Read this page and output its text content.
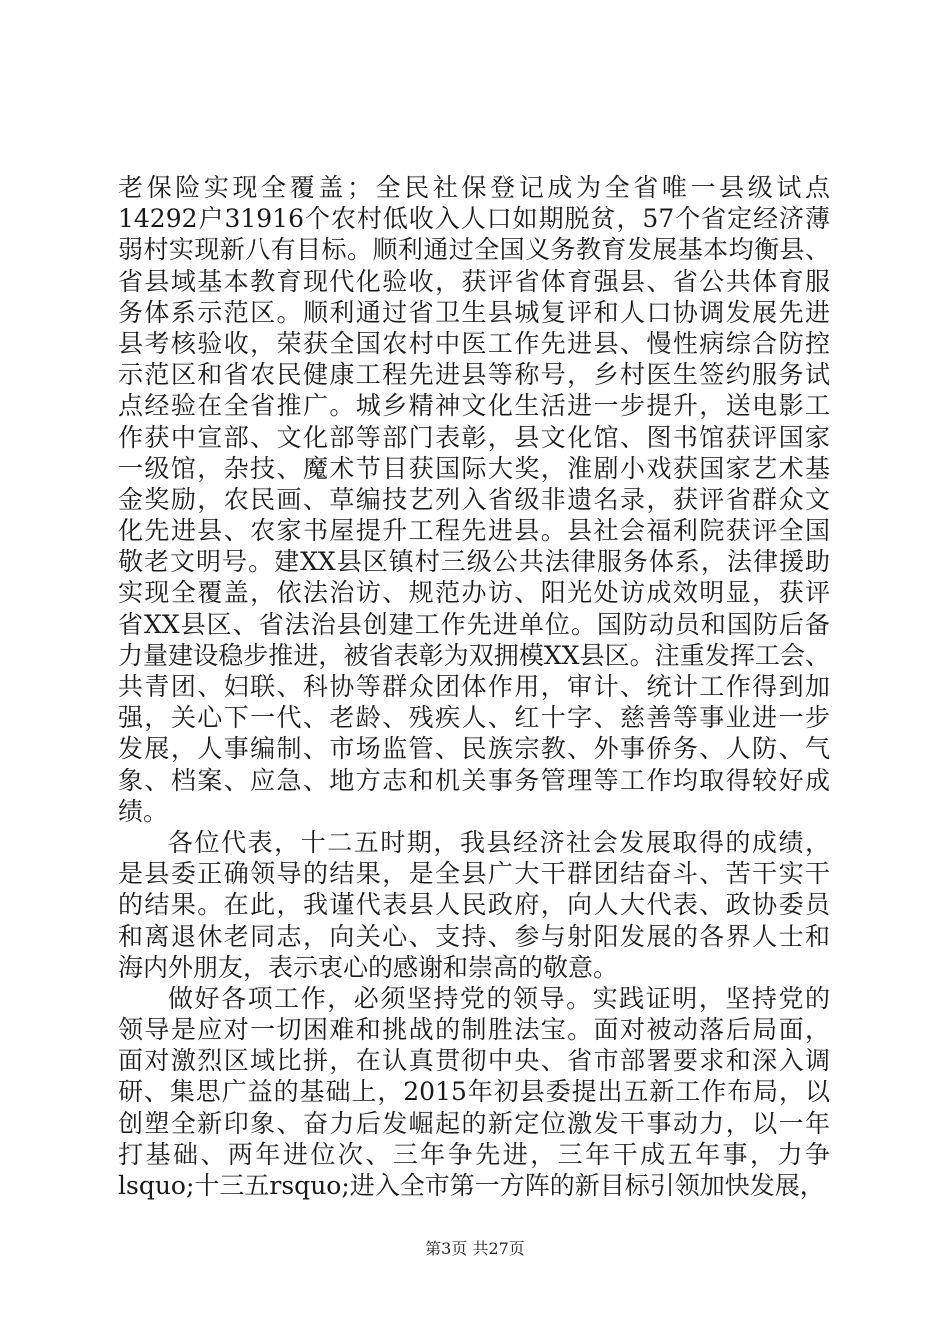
老保险实现全覆盖；全民社保登记成为全省唯一县级试点
14292户31916个农村低收入人口如期脱贫，57个省定经济薄
弱村实现新八有目标。顺利通过全国义务教育发展基本均衡县、
省县域基本教育现代化验收，获评省体育强县、省公共体育服
务体系示范区。顺利通过省卫生县城复评和人口协调发展先进
县考核验收，荣获全国农村中医工作先进县、慢性病综合防控
示范区和省农民健康工程先进县等称号，乡村医生签约服务试
点经验在全省推广。城乡精神文化生活进一步提升，送电影工
作获中宣部、文化部等部门表彰，县文化馆、图书馆获评国家
一级馆，杂技、魔术节目获国际大奖，淮剧小戏获国家艺术基
金奖励，农民画、草编技艺列入省级非遗名录，获评省群众文
化先进县、农家书屋提升工程先进县。县社会福利院获评全国
敬老文明号。建XX县区镇村三级公共法律服务体系，法律援助
实现全覆盖，依法治访、规范办访、阳光处访成效明显，获评
省XX县区、省法治县创建工作先进单位。国防动员和国防后备
力量建设稳步推进，被省表彰为双拥模XX县区。注重发挥工会、
共青团、妇联、科协等群众团体作用，审计、统计工作得到加
强，关心下一代、老龄、残疾人、红十字、慈善等事业进一步
发展，人事编制、市场监管、民族宗教、外事侨务、人防、气
象、档案、应急、地方志和机关事务管理等工作均取得较好成
绩。
各位代表，十二五时期，我县经济社会发展取得的成绩，
是县委正确领导的结果，是全县广大干群团结奋斗、苦干实干
的结果。在此，我谨代表县人民政府，向人大代表、政协委员
和离退休老同志，向关心、支持、参与射阳发展的各界人士和
海内外朋友，表示衷心的感谢和崇高的敬意。
做好各项工作，必须坚持党的领导。实践证明，坚持党的
领导是应对一切困难和挑战的制胜法宝。面对被动落后局面，
面对激烈区域比拼，在认真贯彻中央、省市部署要求和深入调
研、集思广益的基础上，2015年初县委提出五新工作布局，以
创塑全新印象、奋力后发崛起的新定位激发干事动力，以一年
打基础、两年进位次、三年争先进，三年干成五年事，力争
lsquo;十三五rsquo;进入全市第一方阵的新目标引领加快发展，
第3页 共27页
